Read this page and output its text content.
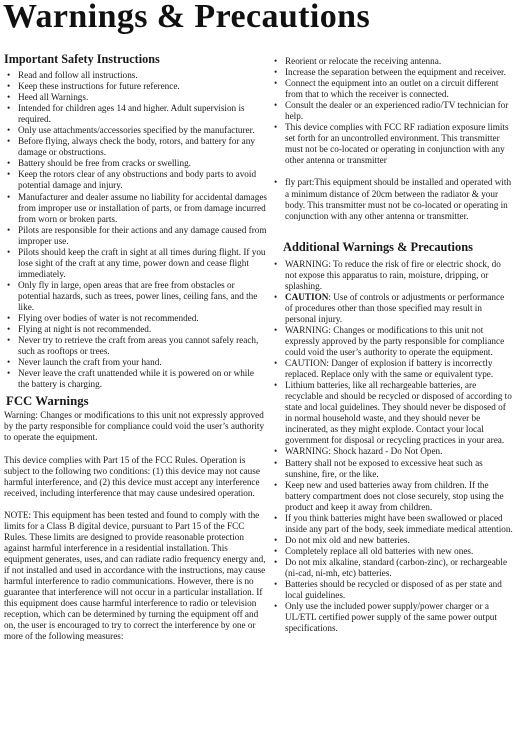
Warnings & Precautions
Important Safety Instructions
• Read and follow all instructions.
• Keep these instructions for future reference.
• Heed all Warnings.
• Intended for children ages 14 and higher. Adult supervision is required.
• Only use attachments/accessories specified by the manufacturer.
• Before flying, always check the body, rotors, and battery for any damage or obstructions.
• Battery should be free from cracks or swelling.
• Keep the rotors clear of any obstructions and body parts to avoid potential damage and injury.
• Manufacturer and dealer assume no liability for accidental damages from improper use or installation of parts, or from damage incurred from worn or broken parts.
• Pilots are responsible for their actions and any damage caused from improper use.
• Pilots should keep the craft in sight at all times during flight. If you lose sight of the craft at any time, power down and cease flight immediately.
• Only fly in large, open areas that are free from obstacles or potential hazards, such as trees, power lines, ceiling fans, and the like.
• Flying over bodies of water is not recommended.
• Flying at night is not recommended.
• Never try to retrieve the craft from areas you cannot safely reach, such as rooftops or trees.
• Never launch the craft from your hand.
• Never leave the craft unattended while it is powered on or while the battery is charging.
FCC Warnings

Warning: Changes or modifications to this unit not expressly approved by the party responsible for compliance could void the user’s authority to operate the equipment.

This device complies with Part 15 of the FCC Rules. Operation is subject to the following two conditions: (1) this device may not cause harmful interference, and (2) this device must accept any interference received, including interference that may cause undesired operation.

NOTE: This equipment has been tested and found to comply with the limits for a Class B digital device, pursuant to Part 15 of the FCC Rules. These limits are designed to provide reasonable protection against harmful interference in a residential installation. This equipment generates, uses, and can radiate radio frequency energy and, if not installed and used in accordance with the instructions, may cause harmful interference to radio communications. However, there is no guarantee that interference will not occur in a particular installation. If this equipment does cause harmful interference to radio or television reception, which can be determined by turning the equipment off and on, the user is encouraged to try to correct the interference by one or more of the following measures:

• Reorient or relocate the receiving antenna.
• Increase the separation between the equipment and receiver.
• Connect the equipment into an outlet on a circuit different from that to which the receiver is connected.
• Consult the dealer or an experienced radio/TV technician for help.
• This device complies with FCC RF radiation exposure limits set forth for an uncontrolled environment. This transmitter must not be co-located or operating in conjunction with any other antenna or transmitter
• fly part:This equipment should be installed and operated with a minimum distance of 20cm between the radiator & your body. This transmitter must not be co-located or operating in conjunction with any other antenna or transmitter.
Additional Warnings & Precautions
• WARNING: To reduce the risk of fire or electric shock, do not expose this apparatus to rain, moisture, dripping, or splashing.
• CAUTION: Use of controls or adjustments or performance of procedures other than those specified may result in personal injury.
• WARNING: Changes or modifications to this unit not expressly approved by the party responsible for compliance could void the user’s authority to operate the equipment.
• CAUTION: Danger of explosion if battery is incorrectly replaced. Replace only with the same or equivalent type.
• Lithium batteries, like all rechargeable batteries, are recyclable and should be recycled or disposed of according to state and local guidelines. They should never be disposed of in normal household waste, and they should never be incinerated, as they might explode. Contact your local government for disposal or recycling practices in your area.
• WARNING: Shock hazard - Do Not Open.
• Battery shall not be exposed to excessive heat such as sunshine, fire, or the like.
• Keep new and used batteries away from children. If the battery compartment does not close securely, stop using the product and keep it away from children.
• If you think batteries might have been swallowed or placed inside any part of the body, seek immediate medical attention.
• Do not mix old and new batteries.
• Completely replace all old batteries with new ones.
• Do not mix alkaline, standard (carbon-zinc), or rechargeable (ni-cad, ni-mh, etc) batteries.
• Batteries should be recycled or disposed of as per state and local guidelines.
• Only use the included power supply/power charger or a UL/ETL certified power supply of the same power output specifications.
